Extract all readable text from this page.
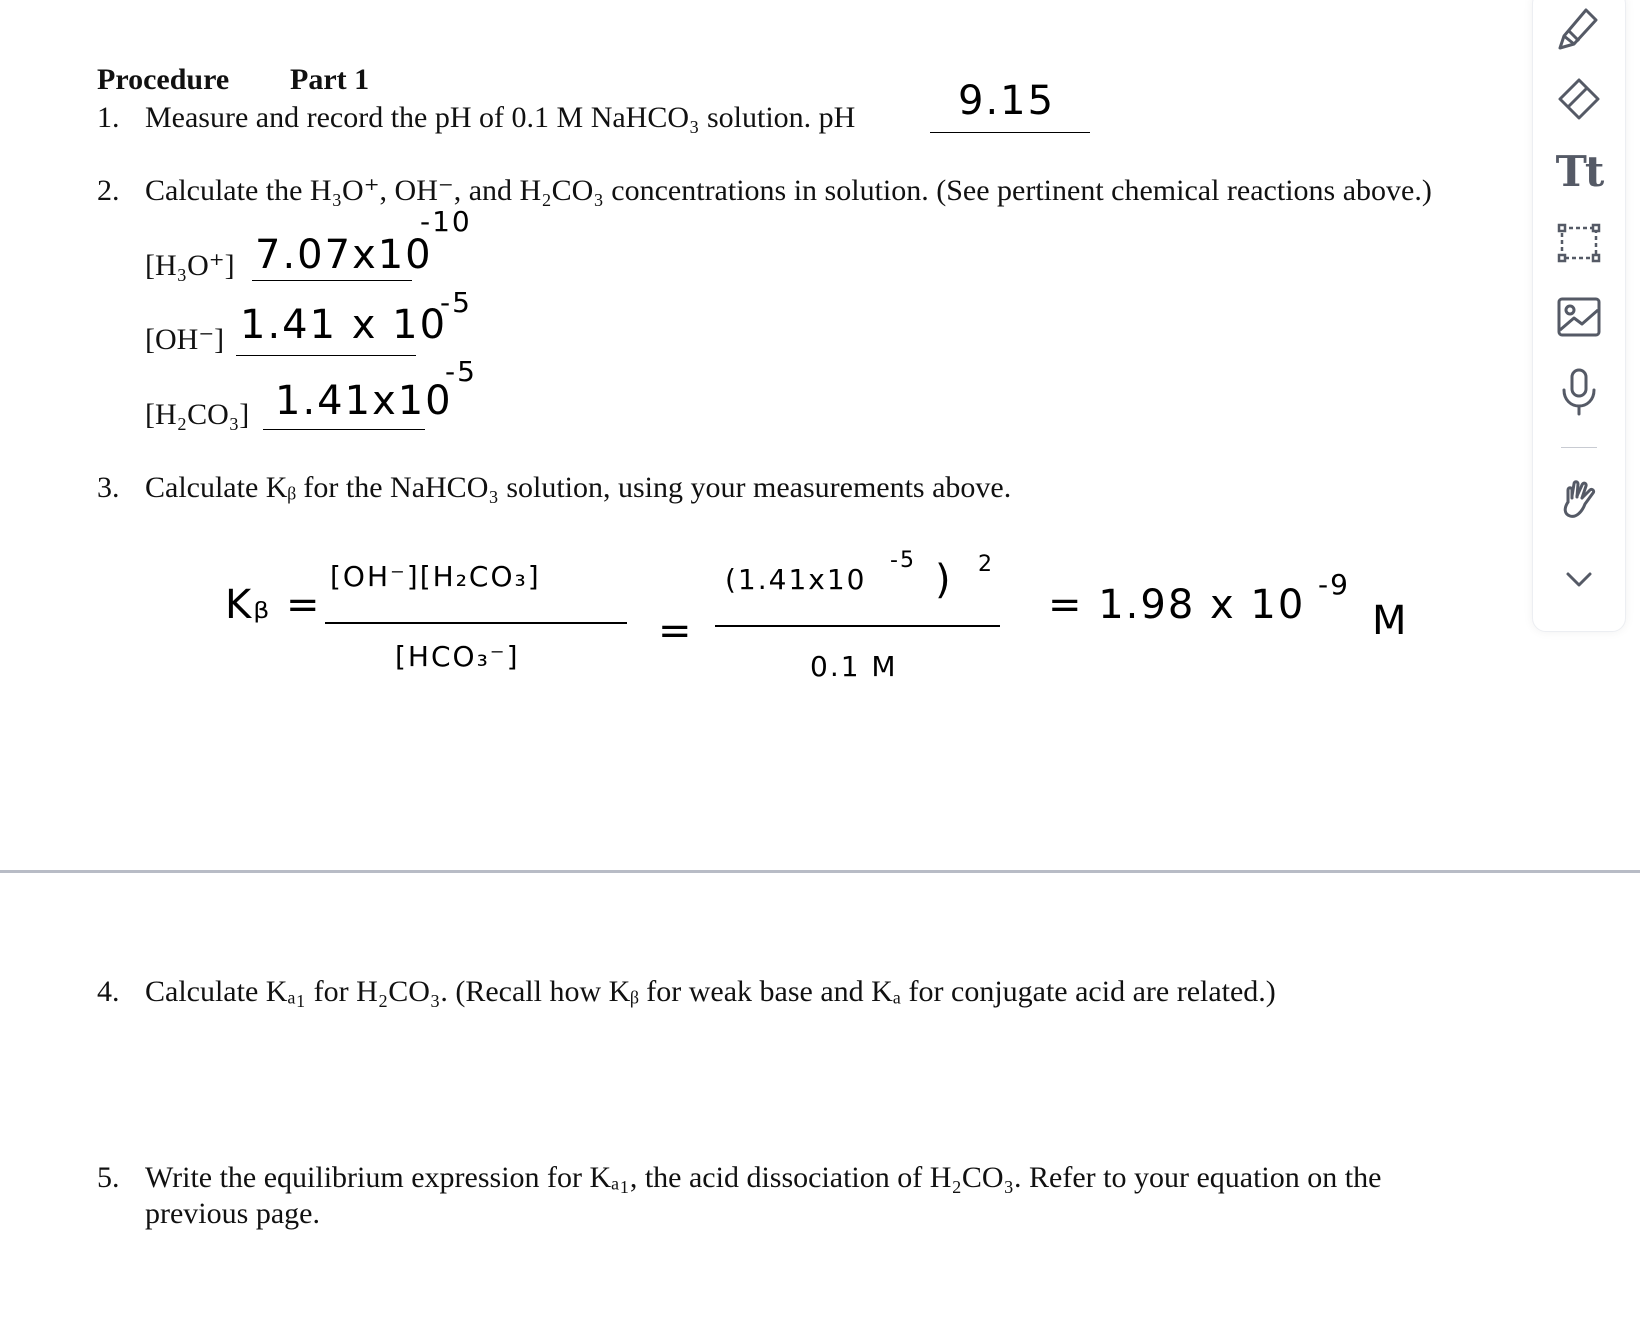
Procedure Part 1
1. Measure and record the pH of 0.1 M NaHCO₃ solution. pH	9.15
2. Calculate the H₃O⁺, OH⁻, and H₂CO₃ concentrations in solution. (See pertinent chemical reactions above.)
[H₃O⁺] 7.07x10
-10
[OH⁻] 1.41 x 10
-5
[H₂CO₃] 1.41x10
-5
3. Calculate Kᵦ for the NaHCO₃ solution, using your measurements above.
Kᵦ =
[OH⁻][H₂CO₃]
[HCO₃⁻]
=
(1.41x10
-5 ) 2
0.1 M
= 1.98 x 10 -9
M
4. Calculate Kₐ₁ for H₂CO₃. (Recall how Kᵦ for weak base and Kₐ for conjugate acid are related.)
5. Write the equilibrium expression for Kₐ₁, the acid dissociation of H₂CO₃. Refer to your equation on the
previous page.
Tt
